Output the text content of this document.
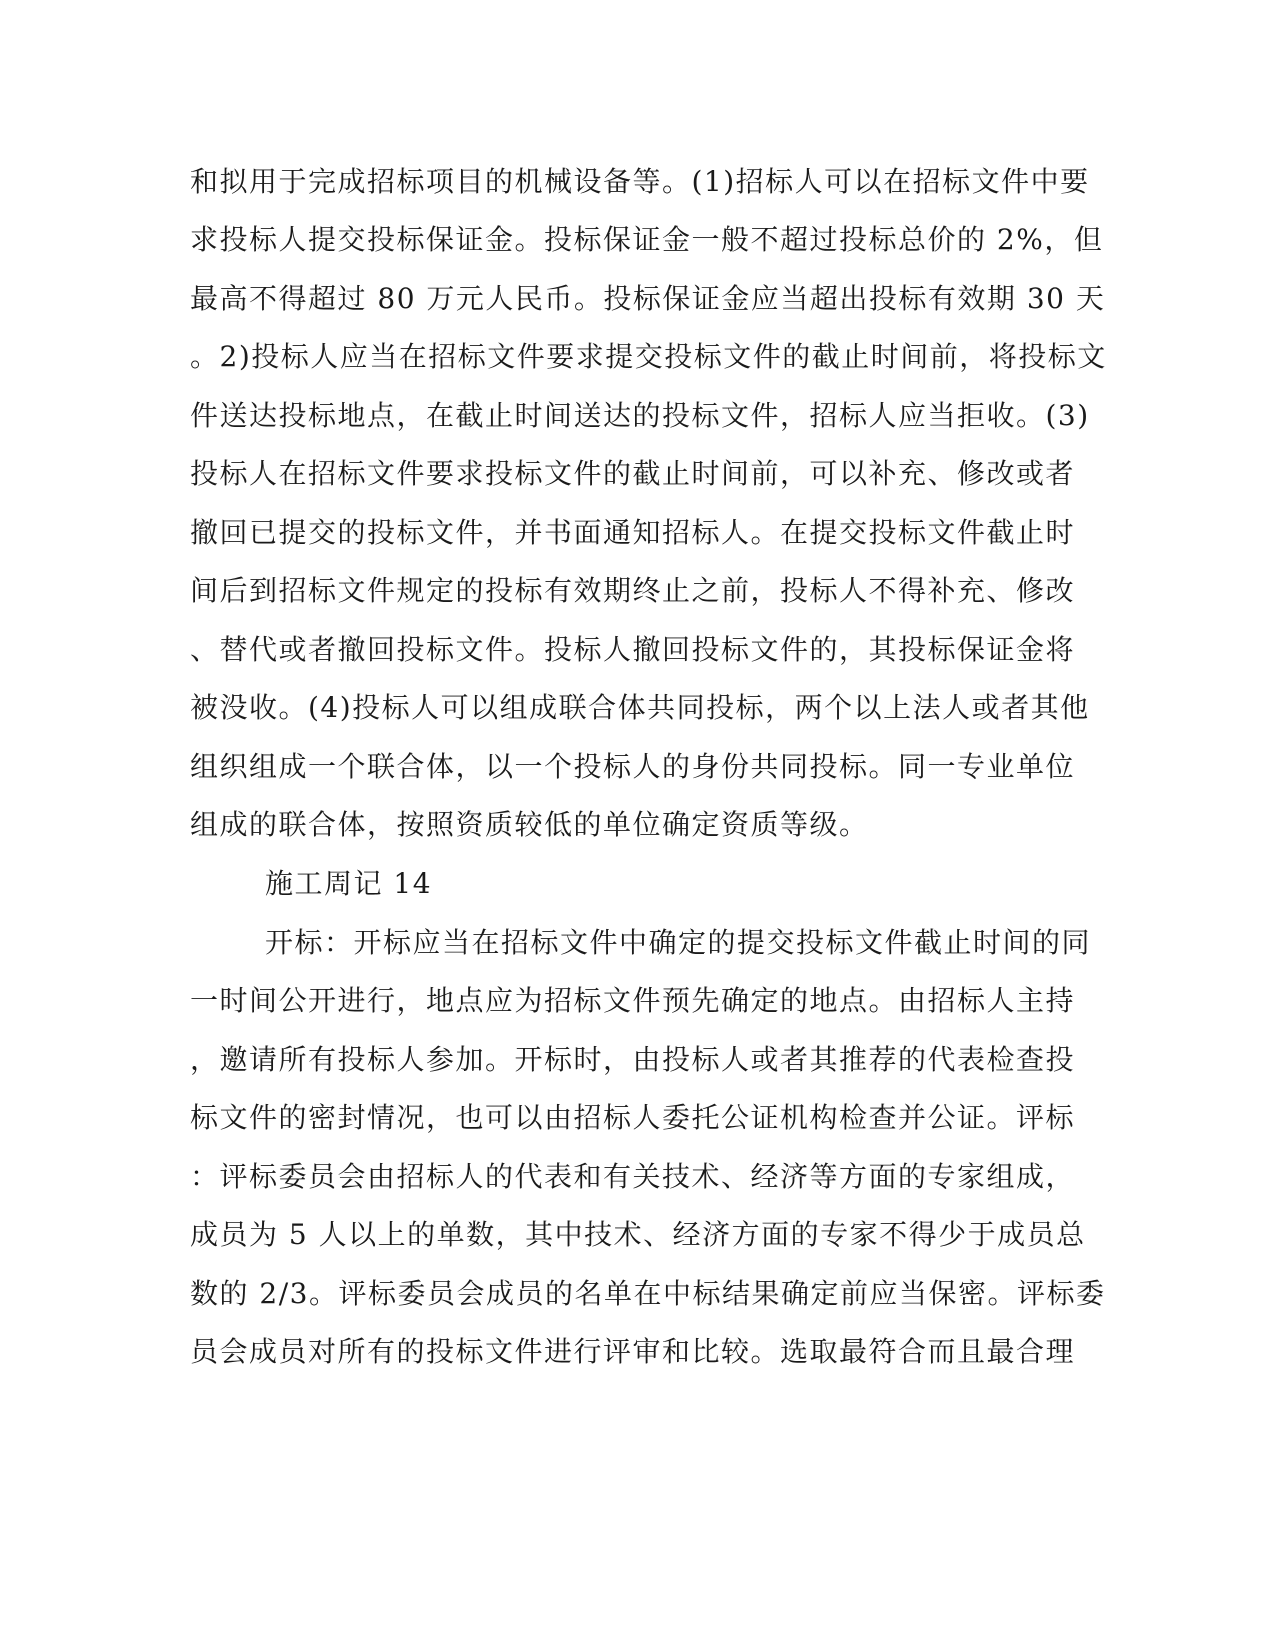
和拟用于完成招标项目的机械设备等。(1)招标人可以在招标文件中要
求投标人提交投标保证金。投标保证金一般不超过投标总价的 2%，但
最高不得超过 80 万元人民币。投标保证金应当超出投标有效期 30 天
。2)投标人应当在招标文件要求提交投标文件的截止时间前，将投标文
件送达投标地点，在截止时间送达的投标文件，招标人应当拒收。(3)
投标人在招标文件要求投标文件的截止时间前，可以补充、修改或者
撤回已提交的投标文件，并书面通知招标人。在提交投标文件截止时
间后到招标文件规定的投标有效期终止之前，投标人不得补充、修改
、替代或者撤回投标文件。投标人撤回投标文件的，其投标保证金将
被没收。(4)投标人可以组成联合体共同投标，两个以上法人或者其他
组织组成一个联合体，以一个投标人的身份共同投标。同一专业单位
组成的联合体，按照资质较低的单位确定资质等级。
施工周记 14
开标：开标应当在招标文件中确定的提交投标文件截止时间的同
一时间公开进行，地点应为招标文件预先确定的地点。由招标人主持
，邀请所有投标人参加。开标时，由投标人或者其推荐的代表检查投
标文件的密封情况，也可以由招标人委托公证机构检查并公证。评标
：评标委员会由招标人的代表和有关技术、经济等方面的专家组成，
成员为 5 人以上的单数，其中技术、经济方面的专家不得少于成员总
数的 2/3。评标委员会成员的名单在中标结果确定前应当保密。评标委
员会成员对所有的投标文件进行评审和比较。选取最符合而且最合理
